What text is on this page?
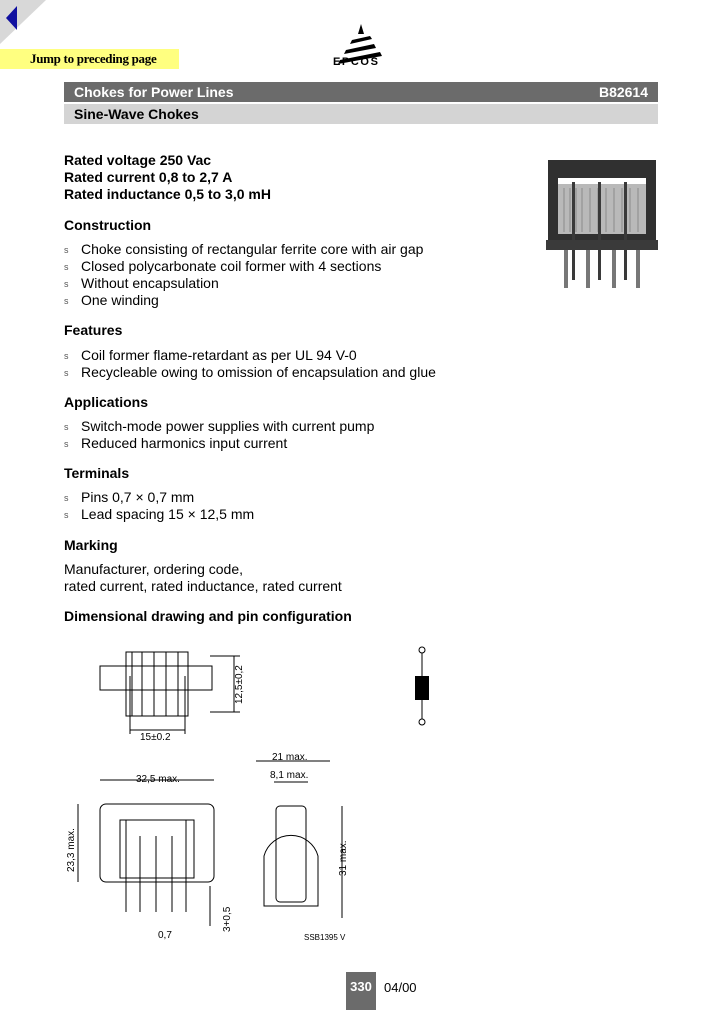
Jump to preceding page	EPCOS
Chokes for Power Lines	B82614
Sine-Wave Chokes
Rated voltage 250 Vac
Rated current 0,8 to 2,7 A
Rated inductance 0,5 to 3,0 mH
Construction
s Choke consisting of rectangular ferrite core with air gap
s Closed polycarbonate coil former with 4 sections
s Without encapsulation
s One winding
Features
s Coil former flame-retardant as per UL 94 V-0
s Recycleable owing to omission of encapsulation and glue
Applications
s Switch-mode power supplies with current pump
s Reduced harmonics input current
Terminals
s Pins 0,7 × 0,7 mm
s Lead spacing 15 × 12,5 mm
Marking
Manufacturer, ordering code,
rated current, rated inductance, rated current
Dimensional drawing and pin configuration
12,5±0,2
15±0.2
32,5 max.
23,3 max.
0,7
3+0,5
21 max.
8,1 max.
31 max.
SSB1395 V
330 04/00
